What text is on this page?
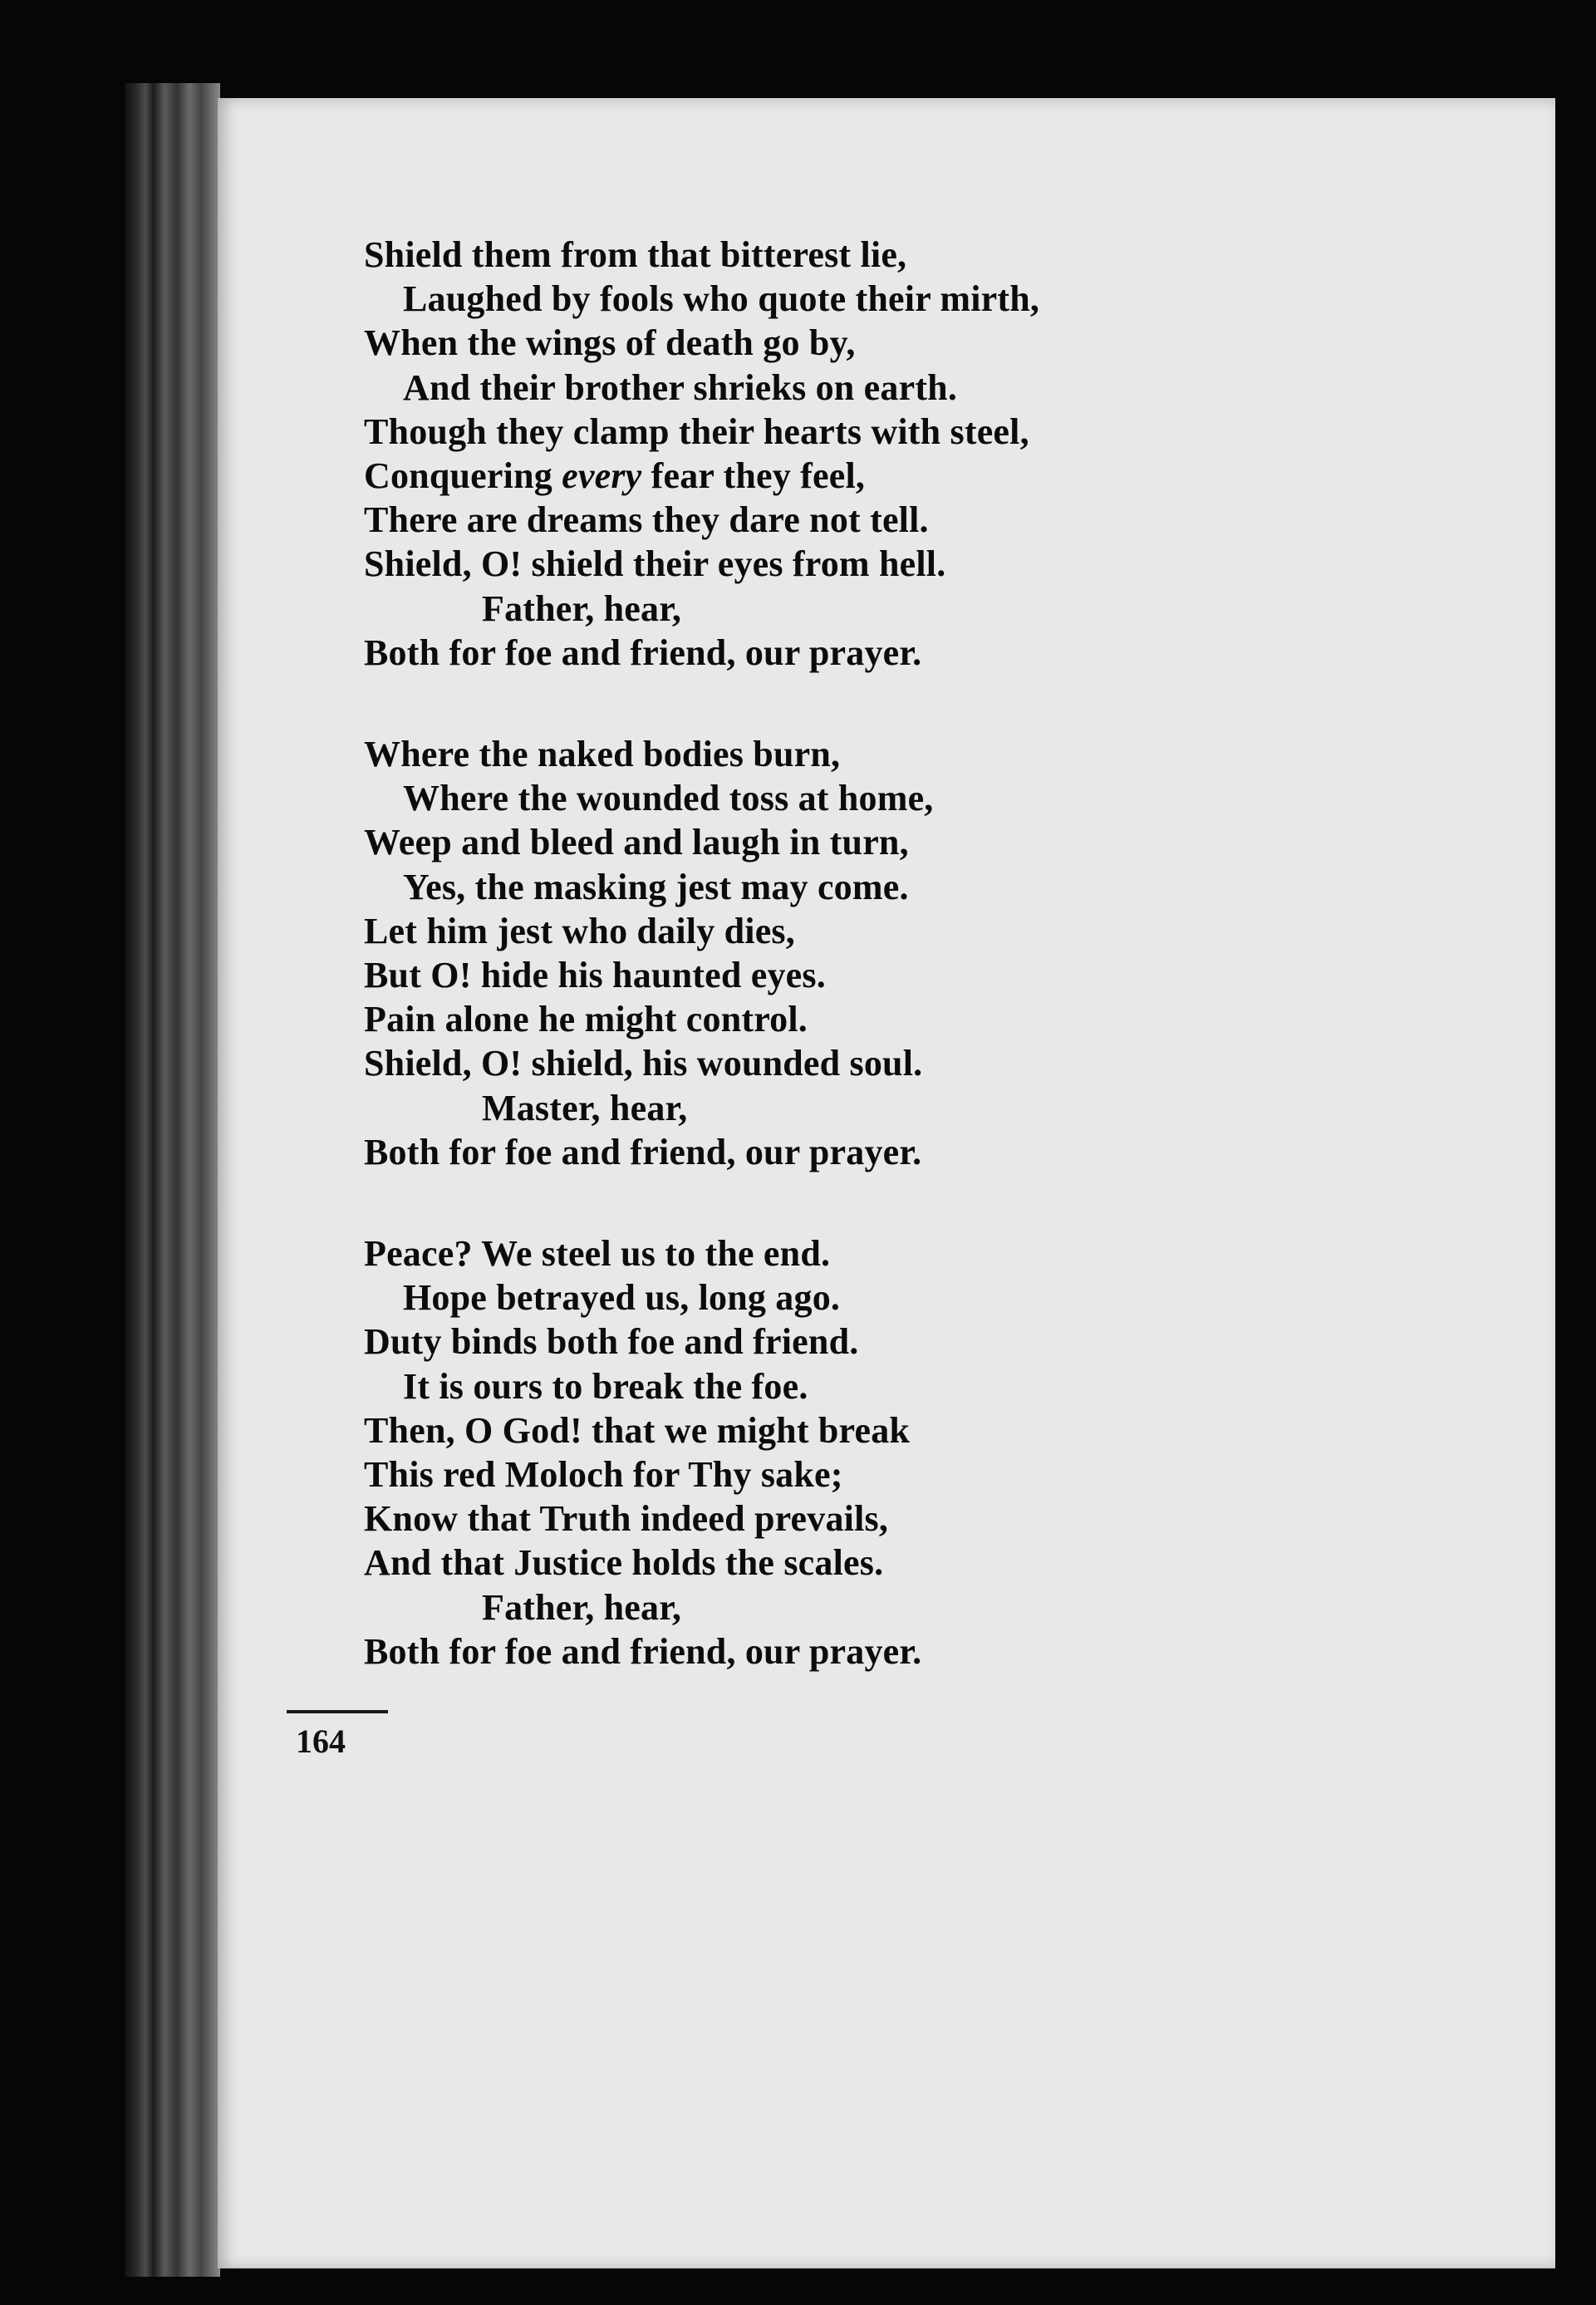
Shield them from that bitterest lie,
Laughed by fools who quote their mirth,
When the wings of death go by,
And their brother shrieks on earth.
Though they clamp their hearts with steel,
Conquering every fear they feel,
There are dreams they dare not tell.
Shield, O! shield their eyes from hell.
Father, hear,
Both for foe and friend, our prayer.
Where the naked bodies burn,
Where the wounded toss at home,
Weep and bleed and laugh in turn,
Yes, the masking jest may come.
Let him jest who daily dies,
But O! hide his haunted eyes.
Pain alone he might control.
Shield, O! shield, his wounded soul.
Master, hear,
Both for foe and friend, our prayer.
Peace? We steel us to the end.
Hope betrayed us, long ago.
Duty binds both foe and friend.
It is ours to break the foe.
Then, O God! that we might break
This red Moloch for Thy sake;
Know that Truth indeed prevails,
And that Justice holds the scales.
Father, hear,
Both for foe and friend, our prayer.
164
